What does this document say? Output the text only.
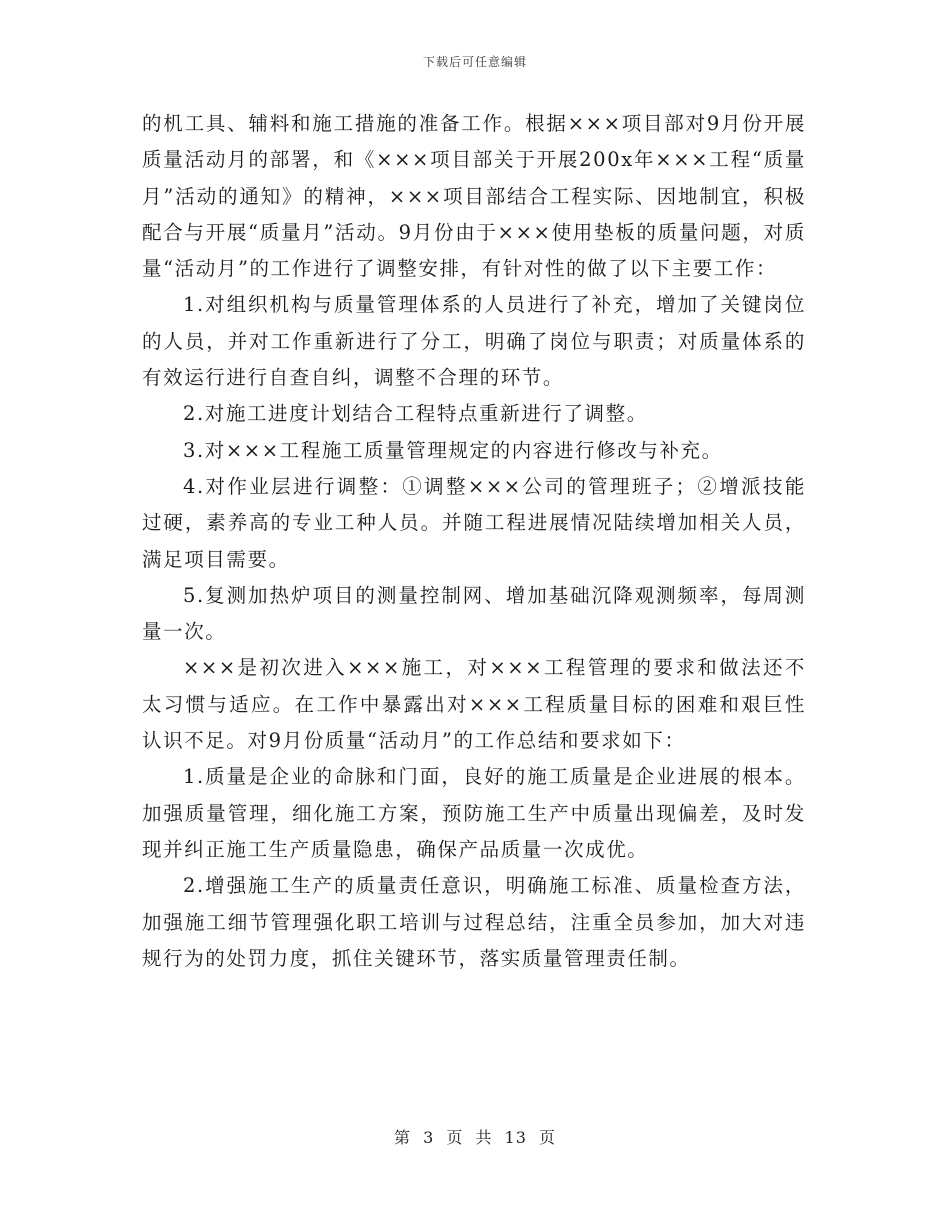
下载后可任意编辑

的机工具、辅料和施工措施的准备工作。根据×××项目部对9月份开展质量活动月的部署，和《×××项目部关于开展200x年×××工程“质量月”活动的通知》的精神，×××项目部结合工程实际、因地制宜，积极配合与开展“质量月”活动。9月份由于×××使用垫板的质量问题，对质量“活动月”的工作进行了调整安排，有针对性的做了以下主要工作：

1.对组织机构与质量管理体系的人员进行了补充，增加了关键岗位的人员，并对工作重新进行了分工，明确了岗位与职责；对质量体系的有效运行进行自查自纠，调整不合理的环节。

2.对施工进度计划结合工程特点重新进行了调整。

3.对×××工程施工质量管理规定的内容进行修改与补充。

4.对作业层进行调整：①调整×××公司的管理班子；②增派技能过硬，素养高的专业工种人员。并随工程进展情况陆续增加相关人员，满足项目需要。

5.复测加热炉项目的测量控制网、增加基础沉降观测频率，每周测量一次。

×××是初次进入×××施工，对×××工程管理的要求和做法还不太习惯与适应。在工作中暴露出对×××工程质量目标的困难和艰巨性认识不足。对9月份质量“活动月”的工作总结和要求如下：

1.质量是企业的命脉和门面，良好的施工质量是企业进展的根本。加强质量管理，细化施工方案，预防施工生产中质量出现偏差，及时发现并纠正施工生产质量隐患，确保产品质量一次成优。

2.增强施工生产的质量责任意识，明确施工标准、质量检查方法，加强施工细节管理强化职工培训与过程总结，注重全员参加，加大对违规行为的处罚力度，抓住关键环节，落实质量管理责任制。

第 3 页 共 13 页
